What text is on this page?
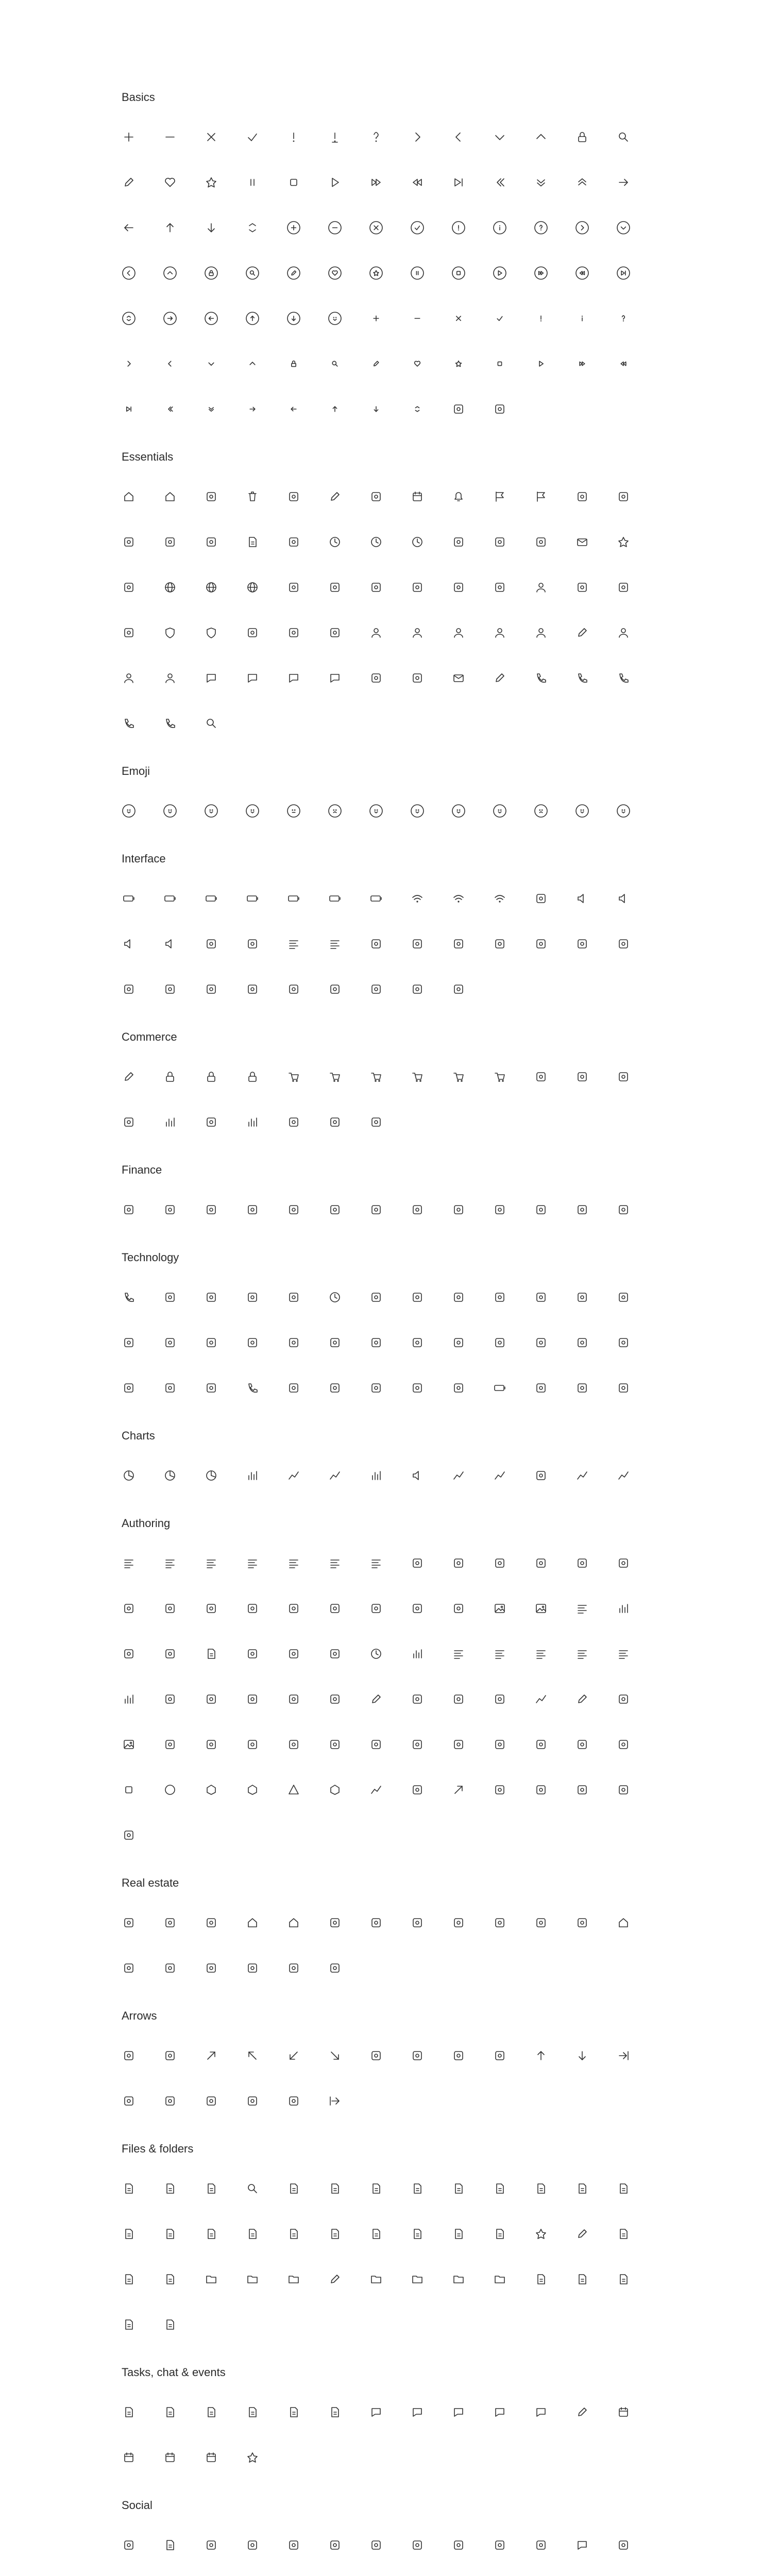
Basics
Essentials
Emoji
Interface
Commerce
Finance
Technology
Charts
Authoring
Real estate
Arrows
Files & folders
Tasks, chat & events
Social
